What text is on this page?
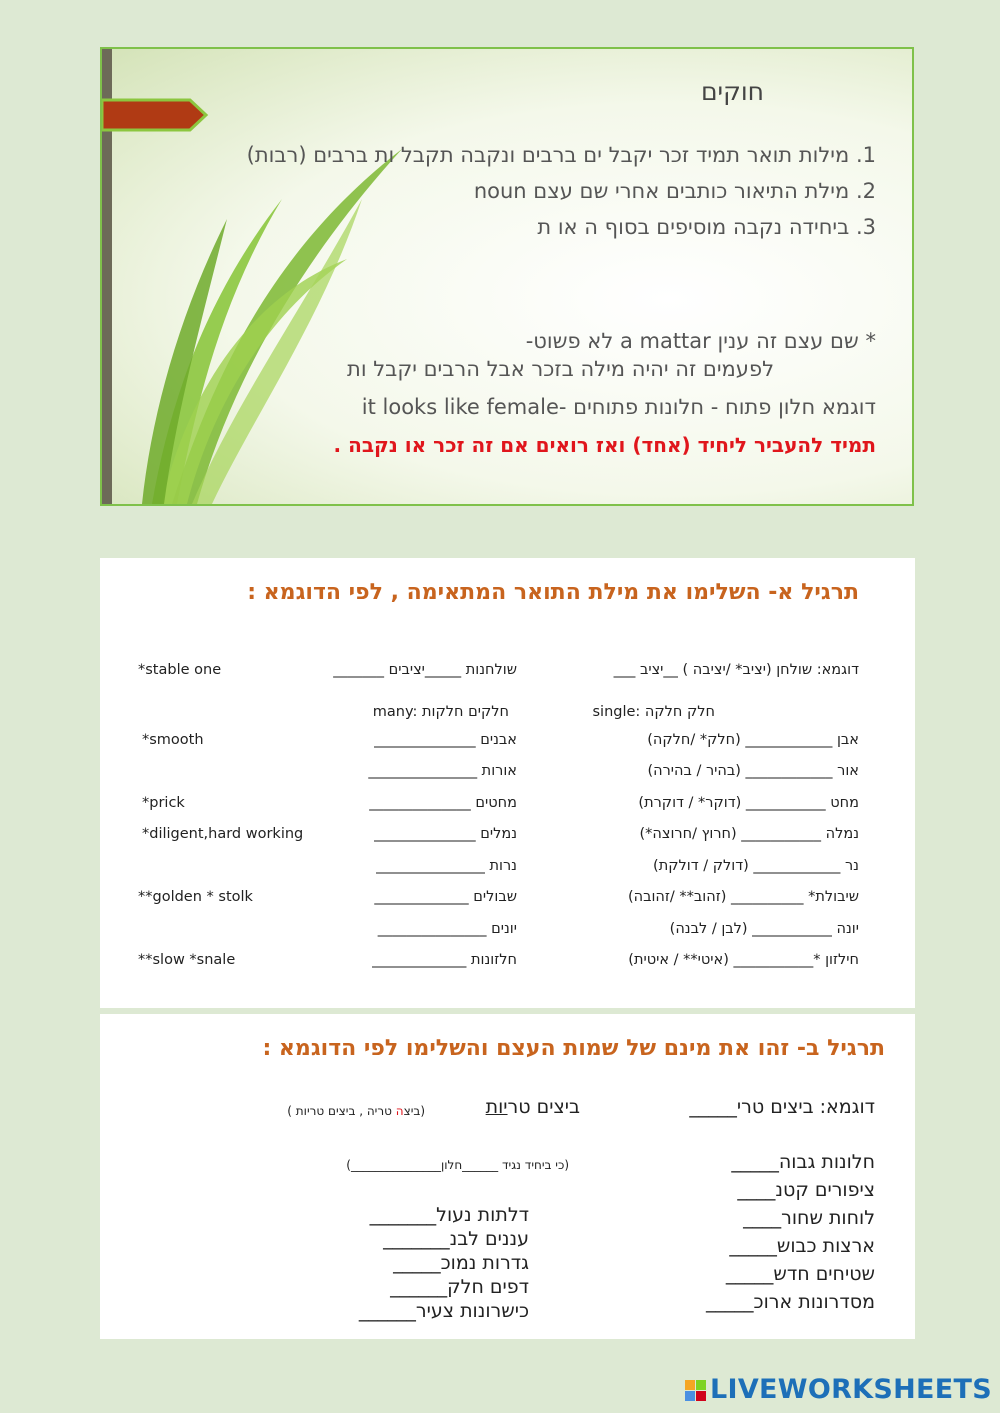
חוקים
1. מילות תואר תמיד זכר יקבל ים ברבים ונקבה תקבל ות ברבים (רבות)
2. מילת התיאור כותבים אחרי שם עצם noun
3. ביחידה נקבה מוסיפים בסוף ה או ת
* שם עצם זה ענין a mattar לא פשוט-
לפעמים זה יהיה מילה בזכר אבל הרבים יקבל ות
דוגמא חלון פתוח - חלונות פתוחים -it looks like female
תמיד להעביר ליחיד (אחד) ואז רואים אם זה זכר או נקבה .
תרגיל א- השלימו את מילת התואר המתאימה , לפי הדוגמא :
דוגמא: שולחן (יציב* /יציבה ) __יציב ___
שולחנות _____יציבים _______
*stable one
single: חלק חלקה
many: חלקים חלקות
אבן ____________ (חלק* /חלקה)
אבנים ______________
*smooth
אור ____________ (בהיר / בהירה)
אורות _______________
מחט ___________ (דוקר* / דוקרת)
מחטים ______________
*prick
נמלה ___________ (חרוץ /חרוצה*)
נמלים ______________
*diligent,hard working
נר ____________ (דולק / דולקת)
נרות _______________
שיבולת* __________ (זהוב** /זהובה)
שבולים _____________
**golden * stolk
יונה ___________ (לבן / לבנה)
יונים _______________
חילזון *___________ (איטי** / איטית)
חלזונות _____________
**slow *snale
תרגיל ב- זהו את מינם של שמות העצם והשלימו לפי הדוגמא :
דוגמא: ביצים טרי_____
ביצים טריות
(ביצה טריה , ביצים טריות )
(כי ביחיד נגיד ______חלון_______________)	חלונות גבוה_____
ציפורים קטנ____
לוחות שחור____
ארצות כבוש_____
שטיחים חדש_____
מסדרונות ארוכ_____
דלתות נעול_______
עננים לבנ_______
גדרות נמוכ_____
דפים חלק______
כישרונות צעיר______
LIVEWORKSHEETS
